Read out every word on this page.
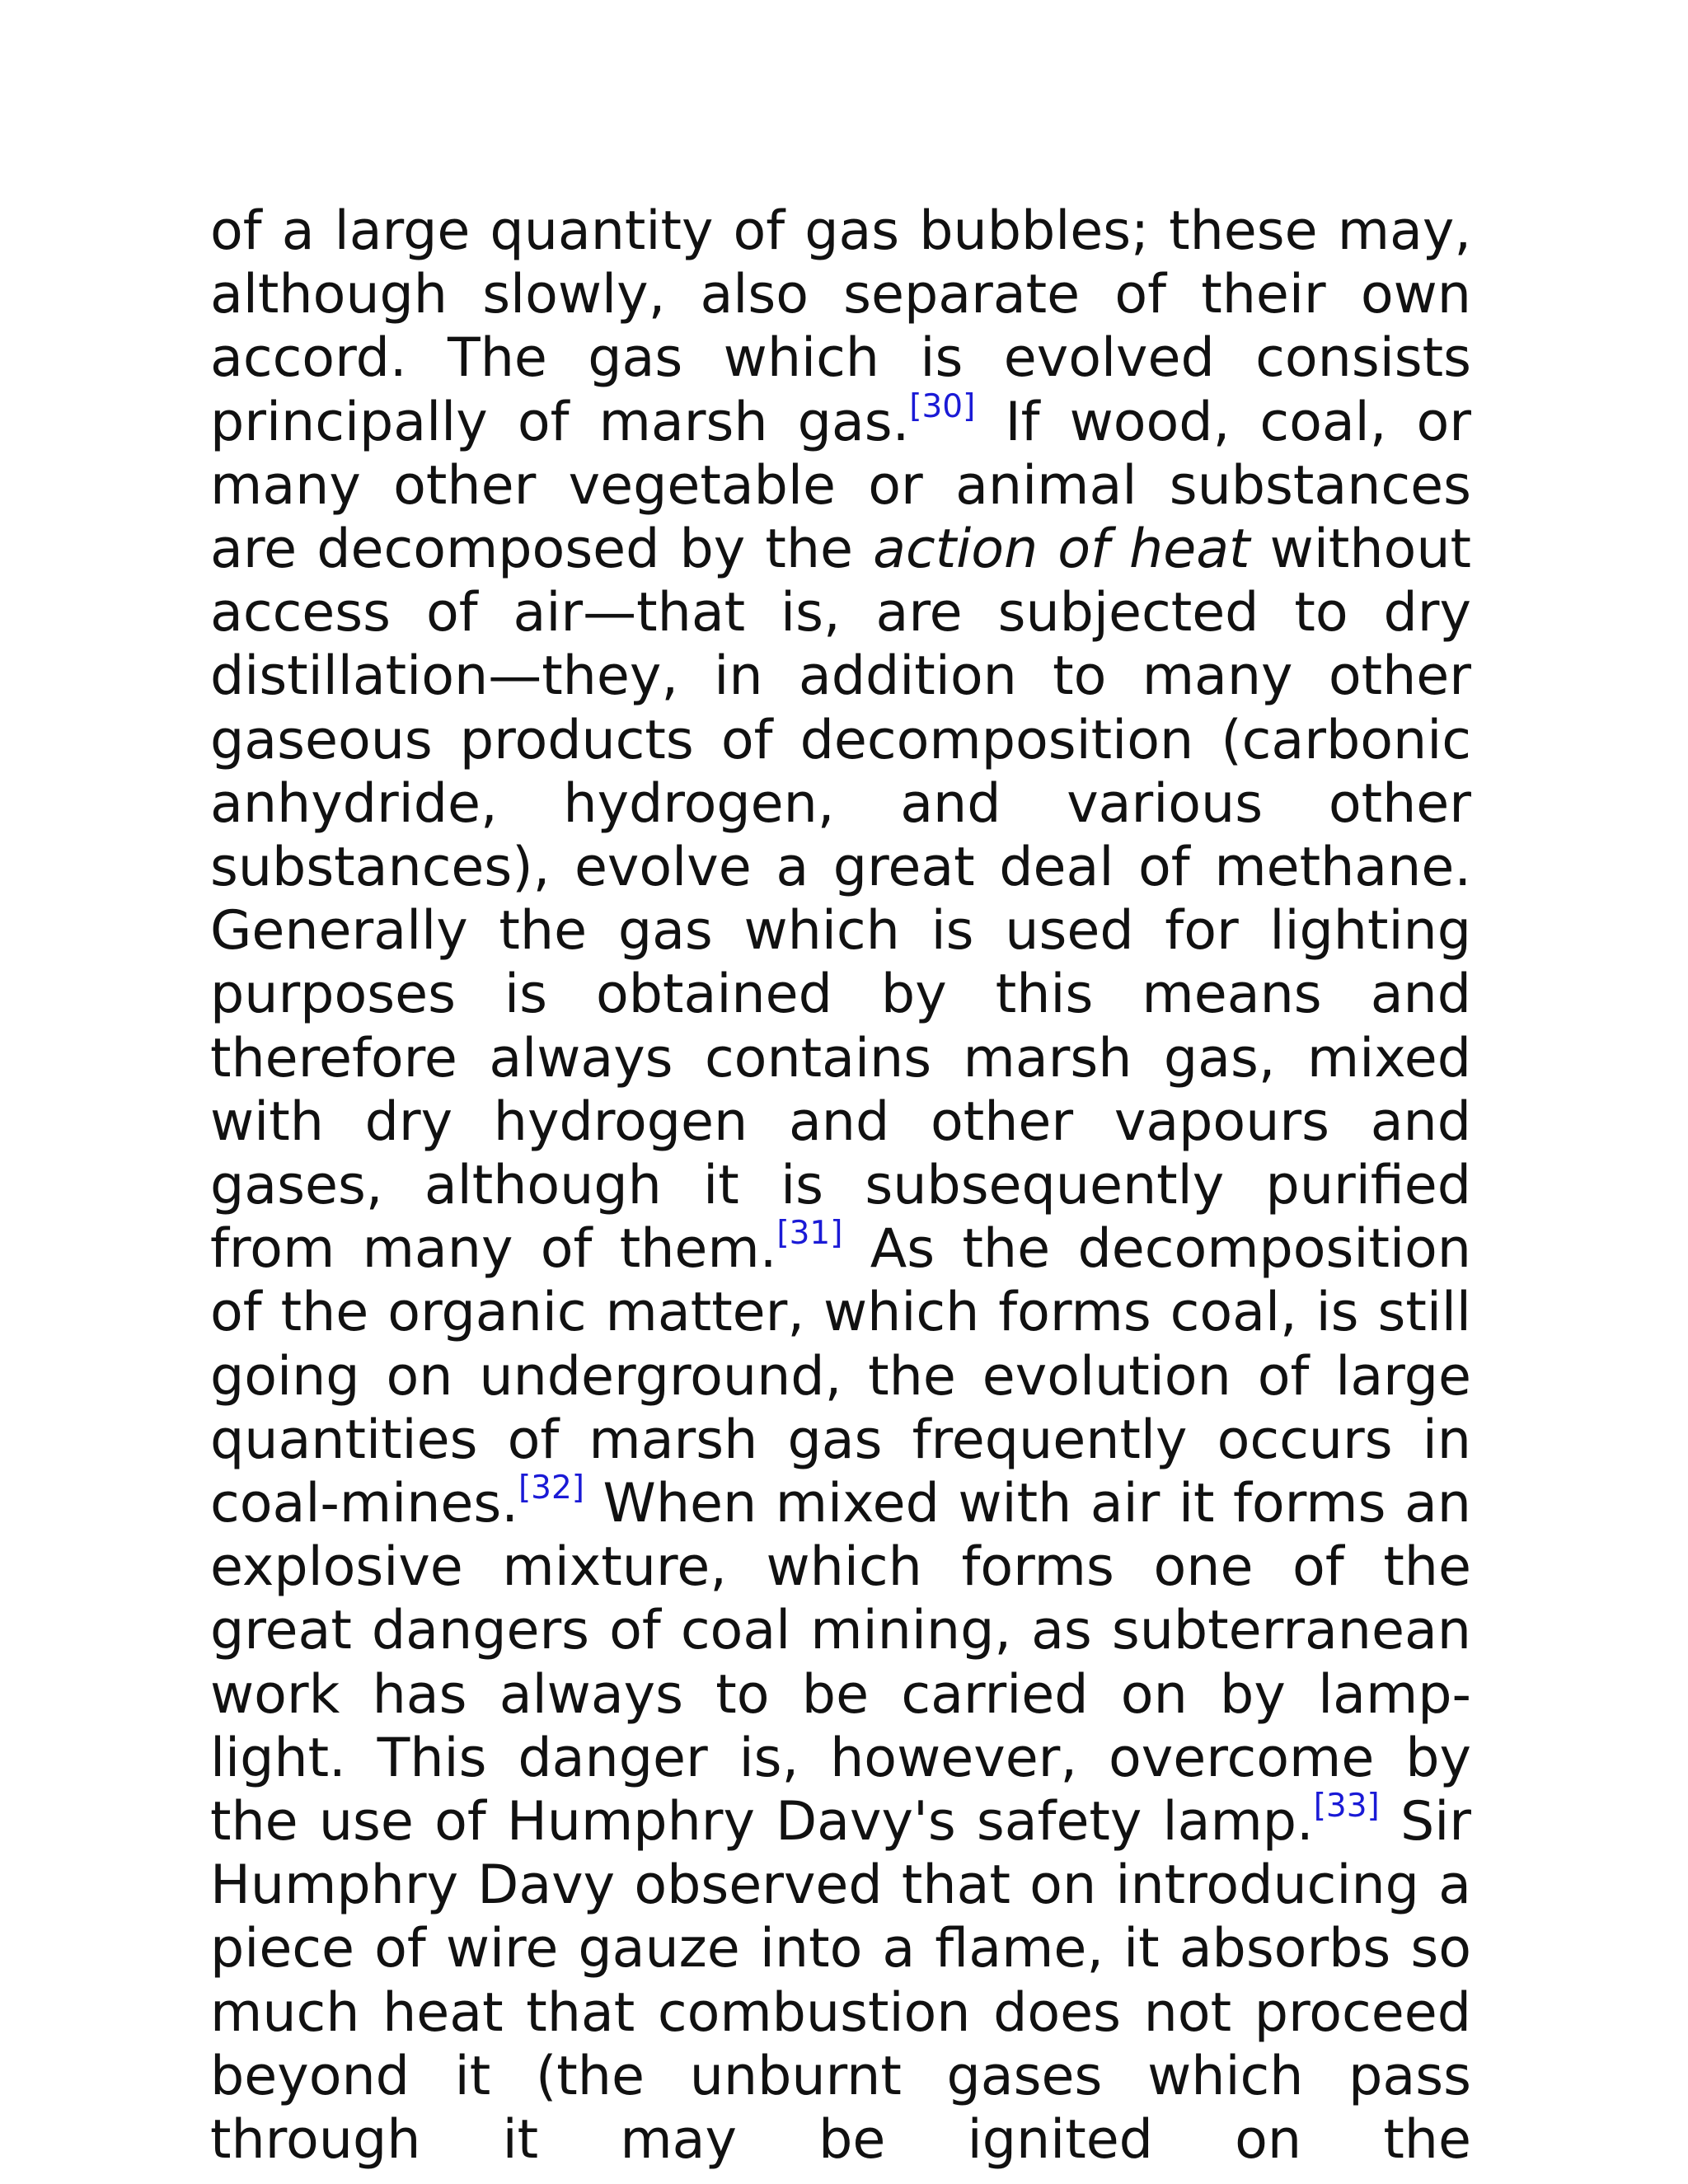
of a large quantity of gas bubbles; these may, although slowly, also separate of their own accord. The gas which is evolved consists principally of marsh gas.[30] If wood, coal, or many other vegetable or animal substances are decomposed by the action of heat without access of air—that is, are subjected to dry distillation—they, in addition to many other gaseous products of decomposition (carbonic anhydride, hydrogen, and various other substances), evolve a great deal of methane. Generally the gas which is used for lighting purposes is obtained by this means and therefore always contains marsh gas, mixed with dry hydrogen and other vapours and gases, although it is subsequently purified from many of them.[31] As the decomposition of the organic matter, which forms coal, is still going on underground, the evolution of large quantities of marsh gas frequently occurs in coal-mines.[32] When mixed with air it forms an explosive mixture, which forms one of the great dangers of coal mining, as subterranean work has always to be carried on by lamp-light. This danger is, however, overcome by the use of Humphry Davy's safety lamp.[33] Sir Humphry Davy observed that on introducing a piece of wire gauze into a flame, it absorbs so much heat that combustion does not proceed beyond it (the unburnt gases which pass through it may be ignited on the
